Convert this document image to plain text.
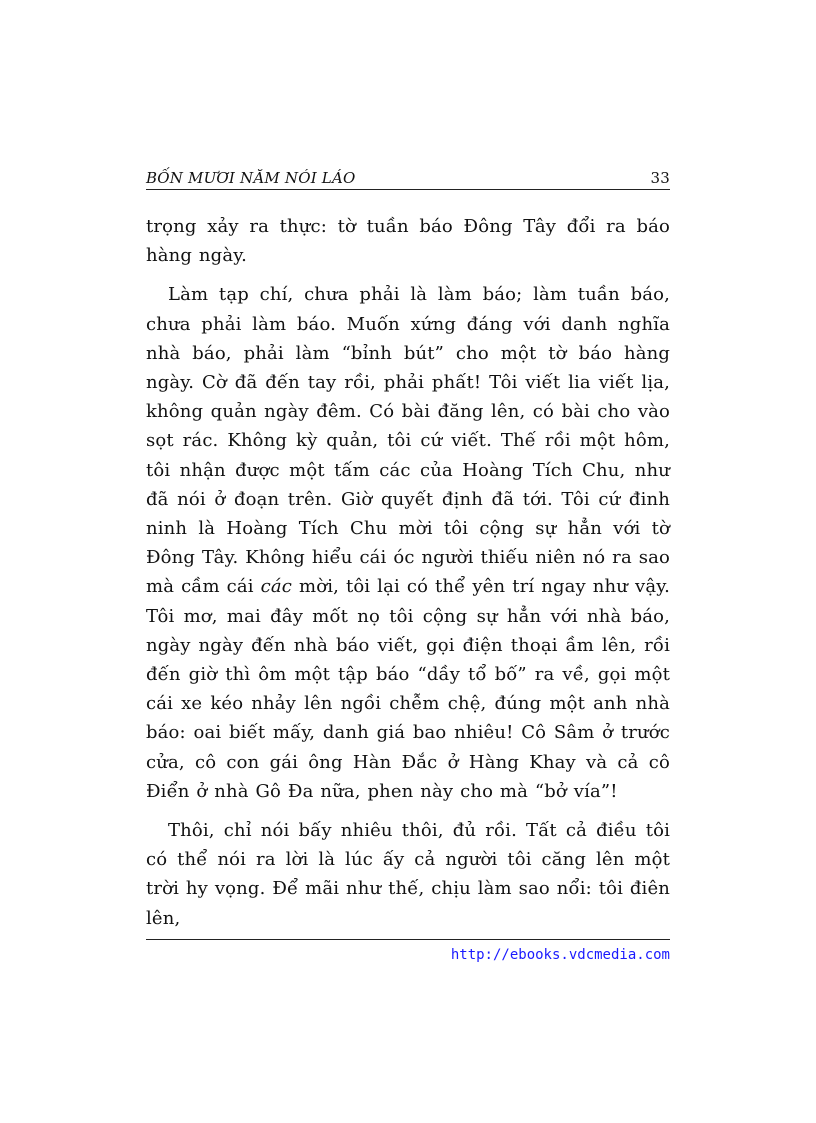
BỐN MƯƠI NĂM NÓI LÁO	33

trọng xảy ra thực: tờ tuần báo Đông Tây đổi ra báo hàng ngày.

Làm tạp chí, chưa phải là làm báo; làm tuần báo, chưa phải làm báo. Muốn xứng đáng với danh nghĩa nhà báo, phải làm “bỉnh bút” cho một tờ báo hàng ngày. Cờ đã đến tay rồi, phải phất! Tôi viết lia viết lịa, không quản ngày đêm. Có bài đăng lên, có bài cho vào sọt rác. Không kỳ quản, tôi cứ viết. Thế rồi một hôm, tôi nhận được một tấm các của Hoàng Tích Chu, như đã nói ở đoạn trên. Giờ quyết định đã tới. Tôi cứ đinh ninh là Hoàng Tích Chu mời tôi cộng sự hẳn với tờ Đông Tây. Không hiểu cái óc người thiếu niên nó ra sao mà cầm cái các mời, tôi lại có thể yên trí ngay như vậy. Tôi mơ, mai đây mốt nọ tôi cộng sự hẳn với nhà báo, ngày ngày đến nhà báo viết, gọi điện thoại ầm lên, rồi đến giờ thì ôm một tập báo “dầy tổ bố” ra về, gọi một cái xe kéo nhảy lên ngồi chễm chệ, đúng một anh nhà báo: oai biết mấy, danh giá bao nhiêu! Cô Sâm ở trước cửa, cô con gái ông Hàn Đắc ở Hàng Khay và cả cô Điển ở nhà Gô Đa nữa, phen này cho mà “bở vía”!

Thôi, chỉ nói bấy nhiêu thôi, đủ rồi. Tất cả điều tôi có thể nói ra lời là lúc ấy cả người tôi căng lên một trời hy vọng. Để mãi như thế, chịu làm sao nổi: tôi điên lên,

http://ebooks.vdcmedia.com
